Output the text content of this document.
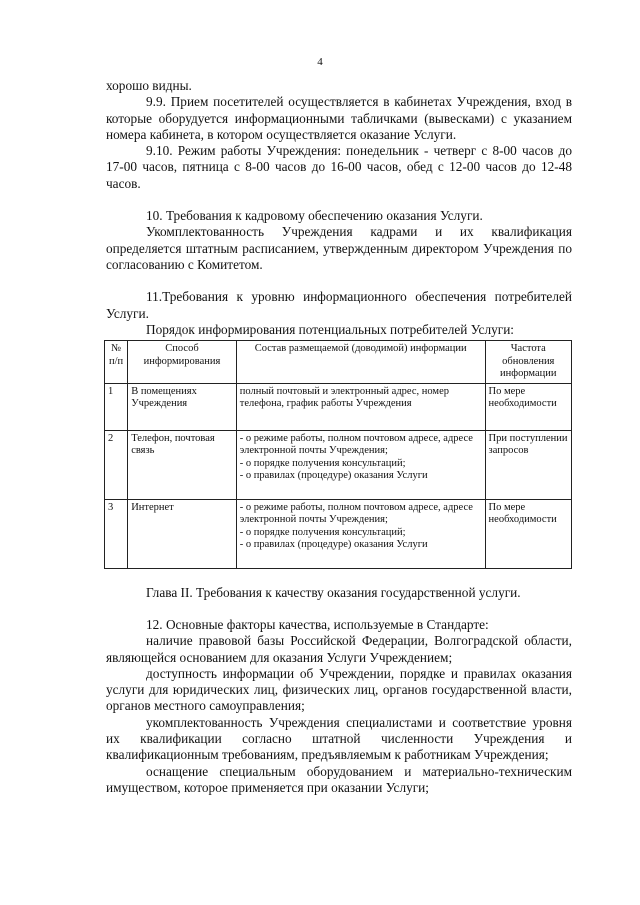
4

хорошо видны.

9.9. Прием посетителей осуществляется в кабинетах Учреждения, вход в которые оборудуется информационными табличками (вывесками) с указанием номера кабинета, в котором осуществляется оказание Услуги.

9.10. Режим работы Учреждения: понедельник - четверг с 8-00 часов до 17-00 часов, пятница с 8-00 часов до 16-00 часов, обед с 12-00 часов до 12-48 часов.

10. Требования к кадровому обеспечению оказания Услуги.

Укомплектованность Учреждения кадрами и их квалификация определяется штатным расписанием, утвержденным директором Учреждения по согласованию с Комитетом.

11.Требования к уровню информационного обеспечения потребителей Услуги.

Порядок информирования потенциальных потребителей Услуги:

№ п/п	Способ информирования	Состав размещаемой (доводимой) информации	Частота обновления информации
1	В помещениях Учреждения	полный почтовый и электронный адрес, номер телефона, график работы Учреждения	По мере необходимости
2	Телефон, почтовая связь	- о режиме работы, полном почтовом адресе, адресе электронной почты Учреждения;

- о порядке получения консультаций;

- о правилах (процедуре) оказания Услуги	При поступлении запросов
3	Интернет	- о режиме работы, полном почтовом адресе, адресе электронной почты Учреждения;

- о порядке получения консультаций;

- о правилах (процедуре) оказания Услуги	По мере необходимости

Глава II. Требования к качеству оказания государственной услуги.

12. Основные факторы качества, используемые в Стандарте:

наличие правовой базы Российской Федерации, Волгоградской области, являющейся основанием для оказания Услуги Учреждением;

доступность информации об Учреждении, порядке и правилах оказания услуги для юридических лиц, физических лиц, органов государственной власти, органов местного самоуправления;

укомплектованность Учреждения специалистами и соответствие уровня их квалификации согласно штатной численности Учреждения и квалификационным требованиям, предъявляемым к работникам Учреждения;

оснащение специальным оборудованием и материально-техническим имуществом, которое применяется при оказании Услуги;
